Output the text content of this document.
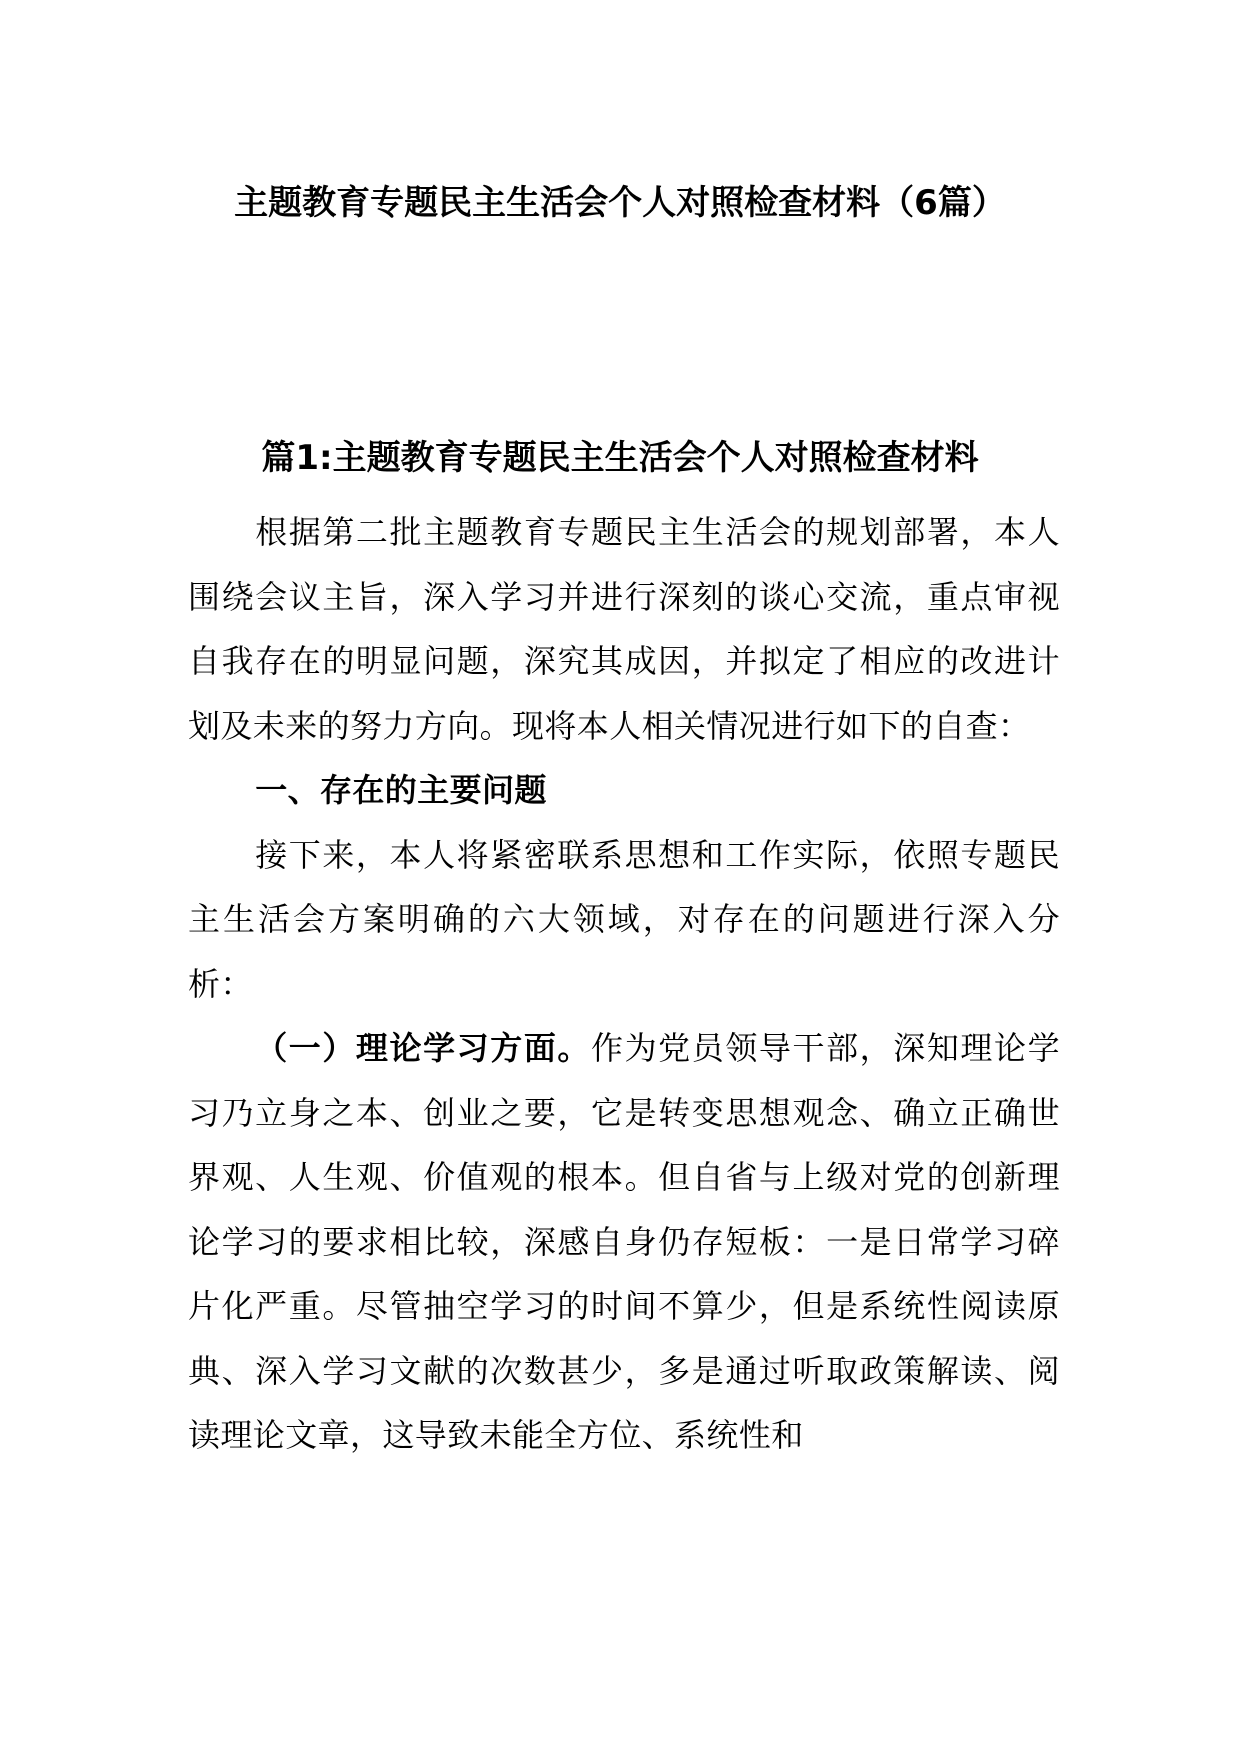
主题教育专题民主生活会个人对照检查材料（6篇）
篇1:主题教育专题民主生活会个人对照检查材料

根据第二批主题教育专题民主生活会的规划部署，本人围绕会议主旨，深入学习并进行深刻的谈心交流，重点审视自我存在的明显问题，深究其成因，并拟定了相应的改进计划及未来的努力方向。现将本人相关情况进行如下的自查：

一、存在的主要问题

接下来，本人将紧密联系思想和工作实际，依照专题民主生活会方案明确的六大领域，对存在的问题进行深入分析：

（一）理论学习方面。作为党员领导干部，深知理论学习乃立身之本、创业之要，它是转变思想观念、确立正确世界观、人生观、价值观的根本。但自省与上级对党的创新理论学习的要求相比较，深感自身仍存短板：一是日常学习碎片化严重。尽管抽空学习的时间不算少，但是系统性阅读原典、深入学习文献的次数甚少，多是通过听取政策解读、阅读理论文章，这导致未能全方位、系统性和
